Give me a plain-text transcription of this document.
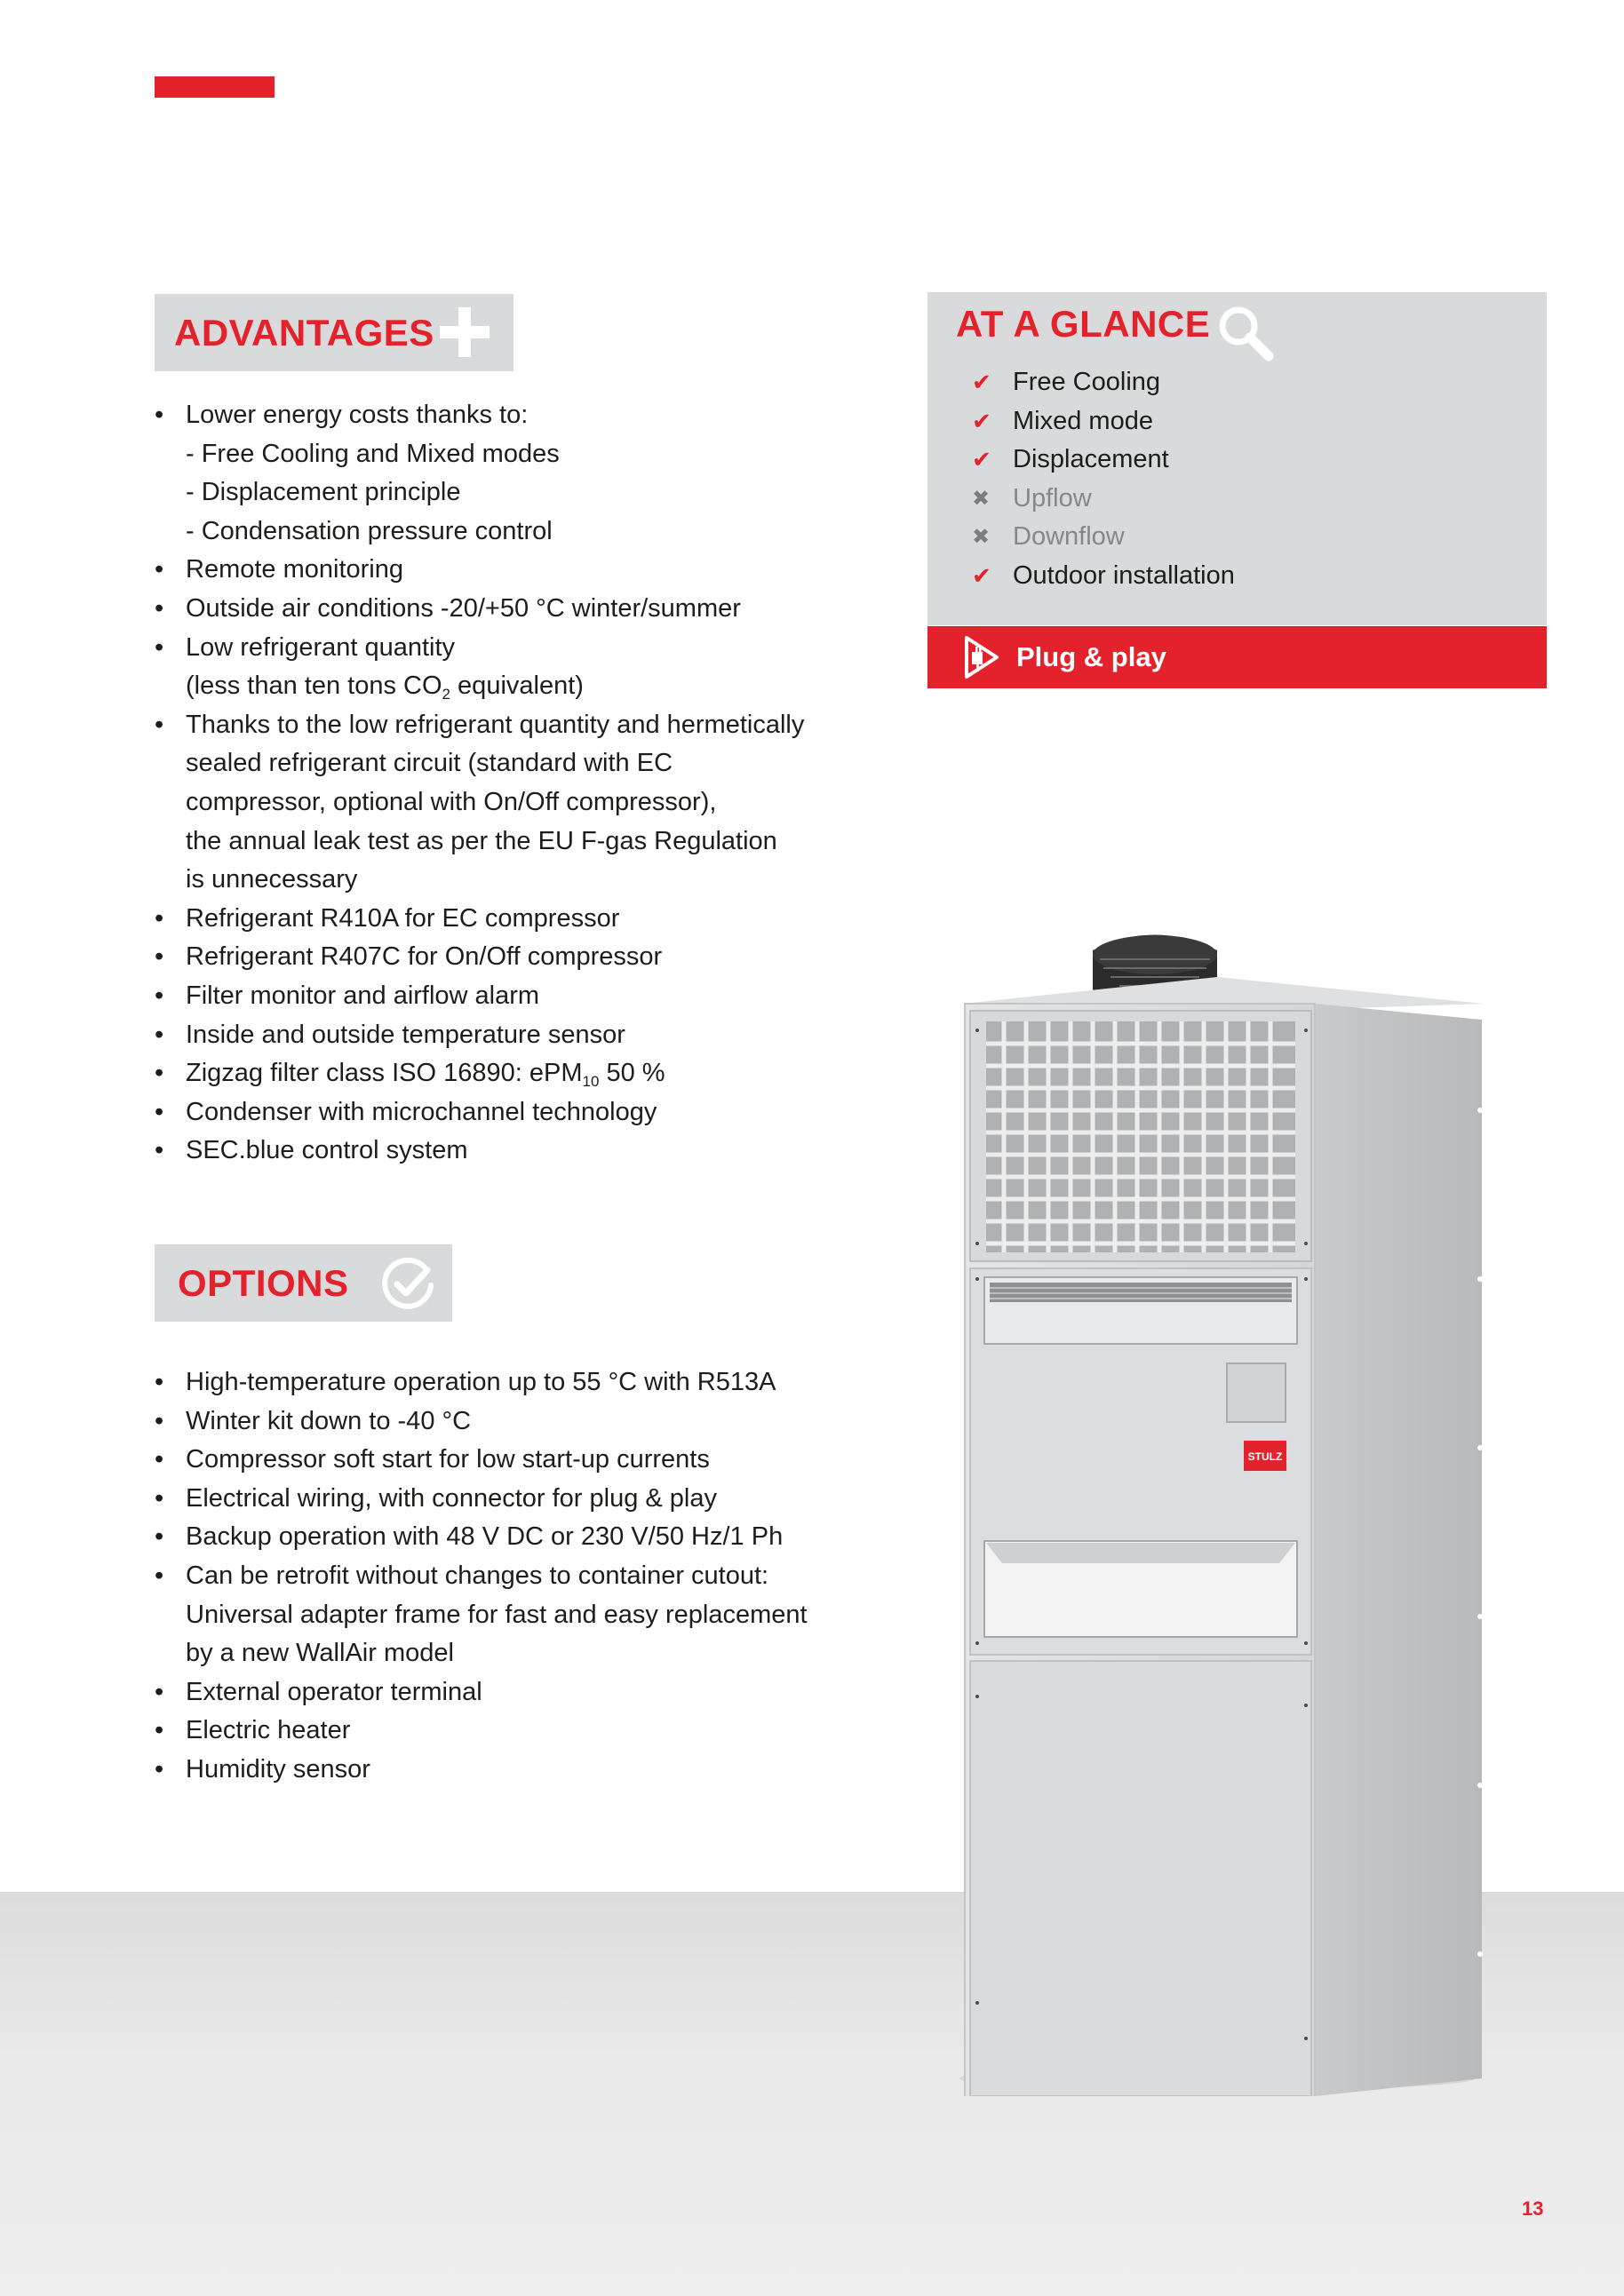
ADVANTAGES
• Lower energy costs thanks to:
- Free Cooling and Mixed modes
- Displacement principle
- Condensation pressure control
• Remote monitoring
• Outside air conditions -20/+50 °C winter/summer
• Low refrigerant quantity
(less than ten tons $CO_2$ equivalent)
• Thanks to the low refrigerant quantity and hermetically
sealed refrigerant circuit (standard with EC
compressor, optional with On/Off compressor),
the annual leak test as per the EU F-gas Regulation
is unnecessary
• Refrigerant R410A for EC compressor
• Refrigerant R407C for On/Off compressor
• Filter monitor and airflow alarm
• Inside and outside temperature sensor
• Zigzag filter class ISO 16890: ePM$_{10}$ 50 %
• Condenser with microchannel technology
• SEC.blue control system
OPTIONS
• High-temperature operation up to 55 °C with R513A
• Winter kit down to -40 °C
• Compressor soft start for low start-up currents
• Electrical wiring, with connector for plug & play
• Backup operation with 48 V DC or 230 V/50 Hz/1 Ph
• Can be retrofit without changes to container cutout:
Universal adapter frame for fast and easy replacement
by a new WallAir model
• External operator terminal
• Electric heater
• Humidity sensor
AT A GLANCE
✔ Free Cooling
✔ Mixed mode
✔ Displacement
✖ Upflow
✖ Downflow
✔ Outdoor installation
Plug & play
STULZ
13
